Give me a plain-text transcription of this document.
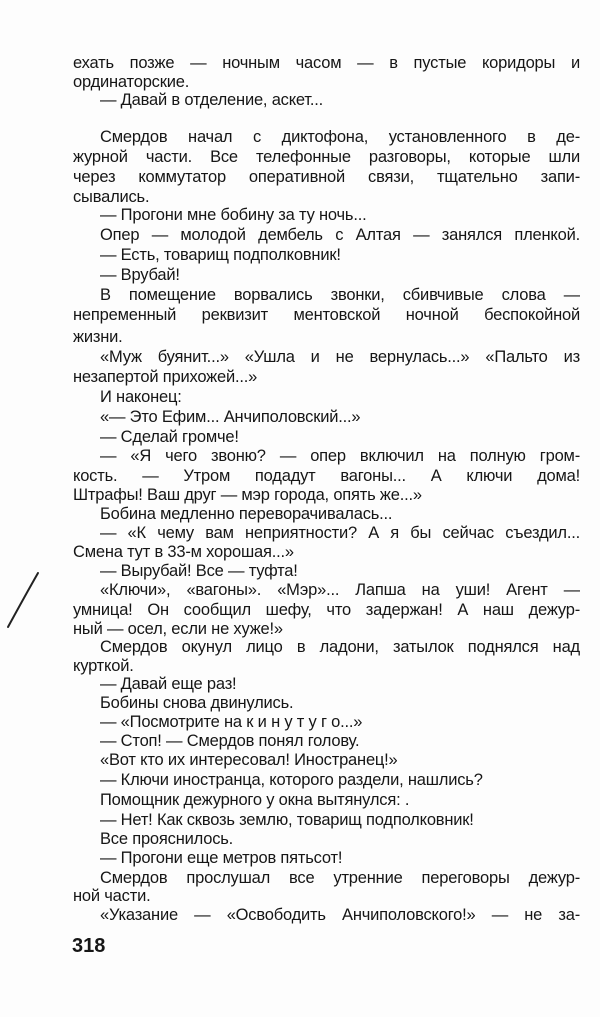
ехать позже — ночным часом — в пустые коридоры и
ординаторские.
— Давай в отделение, аскет...
Смердов начал с диктофона, установленного в де-
журной части. Все телефонные разговоры, которые шли
через коммутатор оперативной связи, тщательно запи-
сывались.
— Прогони мне бобину за ту ночь...
Опер — молодой дембель с Алтая — занялся пленкой.
— Есть, товарищ подполковник!
— Врубай!
В помещение ворвались звонки, сбивчивые слова —
непременный реквизит ментовской ночной беспокойной
жизни.
«Муж буянит...» «Ушла и не вернулась...» «Пальто из
незапертой прихожей...»
И наконец:
«— Это Ефим... Анчиполовский...»
— Сделай громче!
— «Я чего звоню? — опер включил на полную гром-
кость. — Утром подадут вагоны... А ключи дома!
Штрафы! Ваш друг — мэр города, опять же...»
Бобина медленно переворачивалась...
— «К чему вам неприятности? А я бы сейчас съездил...
Смена тут в 33-м хорошая...»
— Вырубай! Все — туфта!
«Ключи», «вагоны». «Мэр»... Лапша на уши! Агент —
умница! Он сообщил шефу, что задержан! А наш дежур-
ный — осел, если не хуже!»
Смердов окунул лицо в ладони, затылок поднялся над
курткой.
— Давай еще раз!
Бобины снова двинулись.
— «Посмотрите на к и н у т у г о...»
— Стоп! — Смердов понял голову.
«Вот кто их интересовал! Иностранец!»
— Ключи иностранца, которого раздели, нашлись?
Помощник дежурного у окна вытянулся: .
— Нет! Как сквозь землю, товарищ подполковник!
Все прояснилось.
— Прогони еще метров пятьсот!
Смердов прослушал все утренние переговоры дежур-
ной части.
«Указание — «Освободить Анчиполовского!» — не за-
318
